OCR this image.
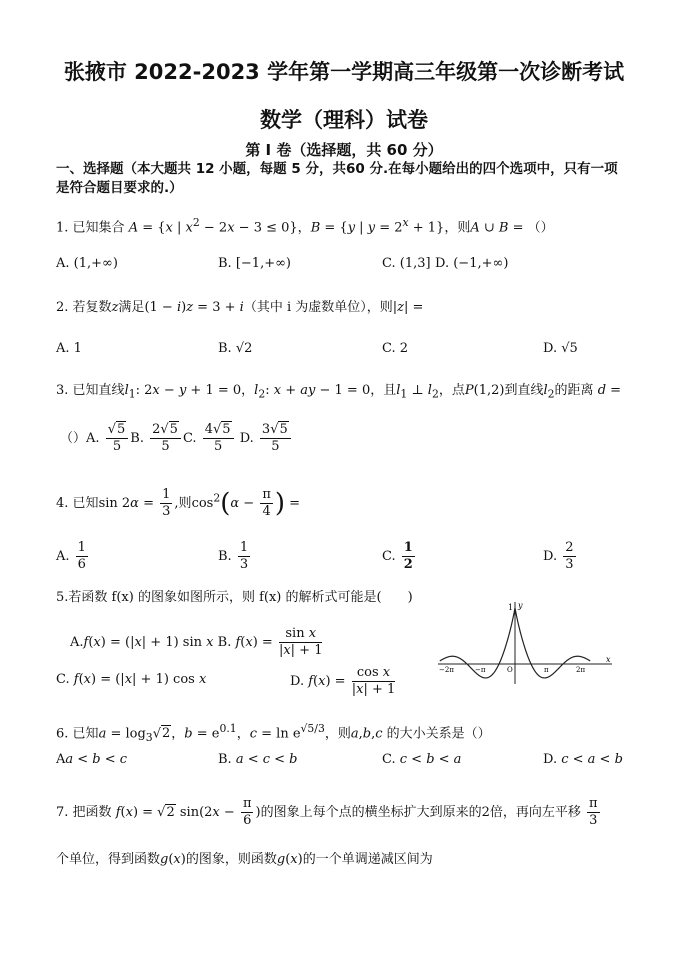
张掖市 2022-2023 学年第一学期高三年级第一次诊断考试
数学（理科）试卷
第 I 卷（选择题，共 60 分）
一、选择题（本大题共 12 小题，每题 5 分，共60 分.在每小题给出的四个选项中，只有一项
是符合题目要求的.）
1. 已知集合 A = {x | $x^2 - 2x - 3 \le 0$}，B = {y | $y = 2^x + 1$}，则A ∪ B = （）
A. (1,+∞)	B. [−1,+∞)	C. (1,3] D. (−1,+∞)
2. 若复数z满足(1 − i)z = 3 + i（其中 i 为虚数单位），则|z| =
A. 1	B. √2	C. 2	D. √5
3. 已知直线$l_1$: 2x − y + 1 = 0，$l_2$: x + ay − 1 = 0，且$l_1$ ⊥ $l_2$，点P(1,2)到直线$l_2$的距离 d =
（）A. $\frac{√5}{5} B$. $\frac{2√5}{5} C$. $\frac{4√5}{5} D$. $\frac{3√5}{5}$
4. 已知$\sin 2\alpha = \frac{1}{3}$ ,则$\cos^2(\alpha - \frac{\pi}{4}$ ) =
A. $\frac{1}{6}$	B. $\frac{1}{3}$	C. $\frac{1}{2}$	D. $\frac{2}{3}$
5.若函数 f(x) 的图象如图所示，则 f(x) 的解析式可能是(　　)
A.f(x) = (|x| + 1) sin x B. $f(x) = \frac{\text{sin x}}{|x| + 1}$
C. f(x) = (|x| + 1) cos x	D. $f(x) = \frac{\text{cos x}}{|x| + 1}$
x
y
1
−2π	−π	O	π	2π
6. 已知$a = \log_3√2$，$b = e^{0.1}$，$c = \ln e^{√5/3}$，则a,b,c 的大小关系是（）
Aa < b < c	B. a < c < b	C. c < b < a	D. c < a < b
7. 把函数 f(x) = √2 $\sin(2x - \frac{\pi}{6}$ )的图象上每个点的横坐标扩大到原来的2倍，再向左平移 $\frac{\pi}{3}$
个单位，得到函数g(x)的图象，则函数g(x)的一个单调递减区间为
